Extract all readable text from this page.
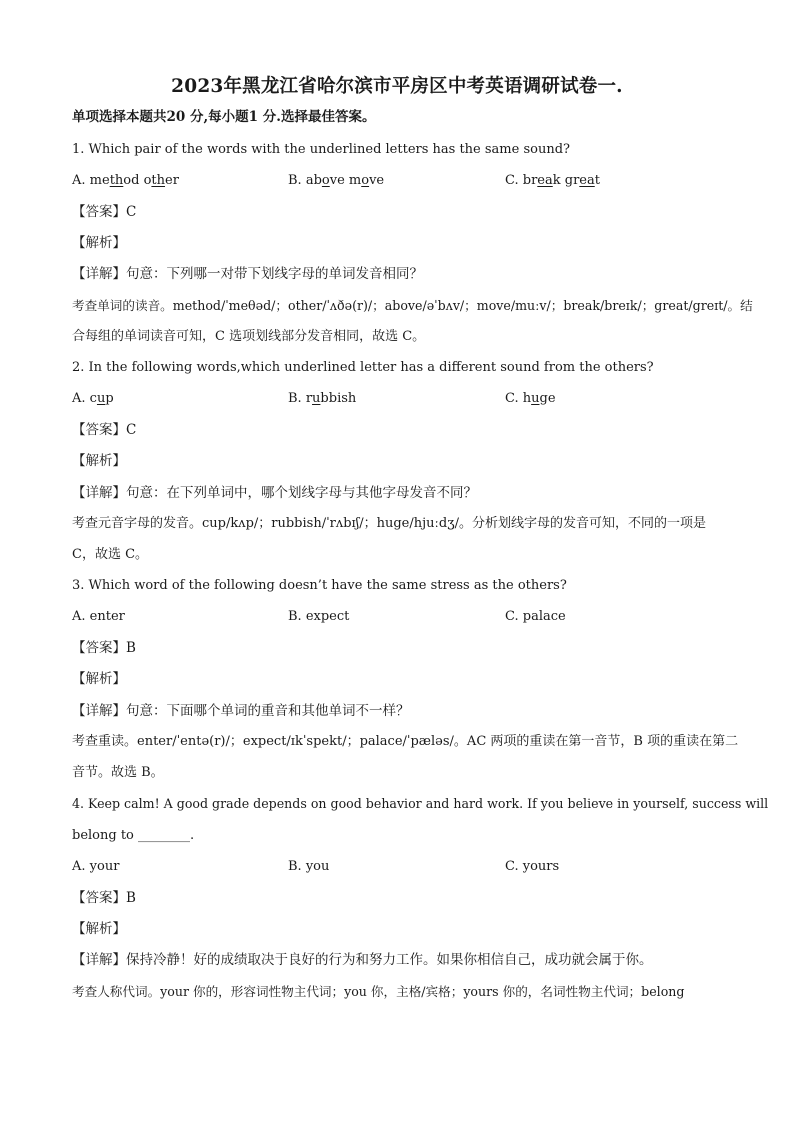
2023年黑龙江省哈尔滨市平房区中考英语调研试卷一.
单项选择本题共20 分,每小题1 分.选择最佳答案。
1. Which pair of the words with the underlined letters has the same sound?
A. method other	B. above move	C. break great
【答案】C
【解析】
【详解】句意：下列哪一对带下划线字母的单词发音相同？
考查单词的读音。method/ˈmeθəd/；other/ˈʌðə(r)/；above/əˈbʌv/；move/muːv/；break/breɪk/；great/greɪt/。结
合每组的单词读音可知，C 选项划线部分发音相同，故选 C。
2. In the following words,which underlined letter has a different sound from the others?
A. cup	B. rubbish	C. huge
【答案】C
【解析】
【详解】句意：在下列单词中，哪个划线字母与其他字母发音不同？
考查元音字母的发音。cup/kʌp/；rubbish/ˈrʌbɪʃ/；huge/hjuːdʒ/。分析划线字母的发音可知，不同的一项是
C，故选 C。
3. Which word of the following doesn’t have the same stress as the others?
A. enter	B. expect	C. palace
【答案】B
【解析】
【详解】句意：下面哪个单词的重音和其他单词不一样？
考查重读。enter/ˈentə(r)/；expect/ɪkˈspekt/；palace/ˈpæləs/。AC 两项的重读在第一音节，B 项的重读在第二
音节。故选 B。
4. Keep calm! A good grade depends on good behavior and hard work. If you believe in yourself, success will
belong to ________.
A. your	B. you	C. yours
【答案】B
【解析】
【详解】保持冷静！好的成绩取决于良好的行为和努力工作。如果你相信自己，成功就会属于你。
考查人称代词。your 你的，形容词性物主代词；you 你，主格/宾格；yours 你的，名词性物主代词；belong
